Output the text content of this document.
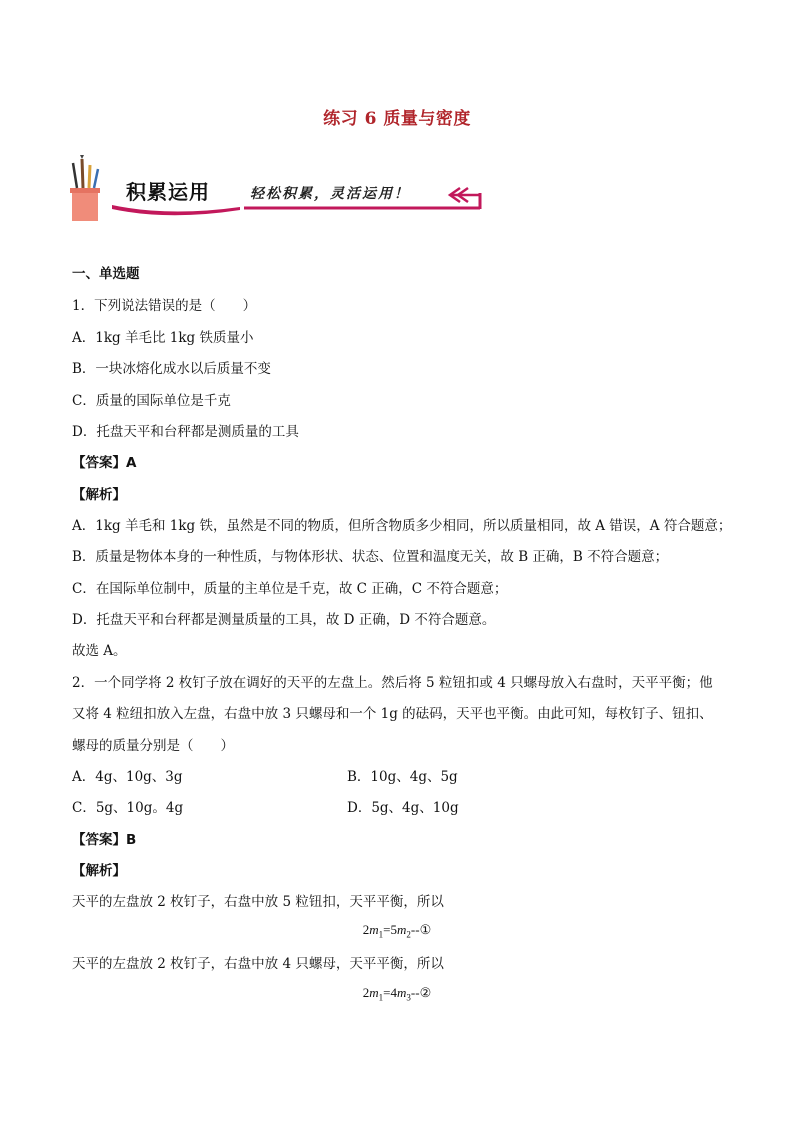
练习 6 质量与密度
积累运用	轻松积累，灵活运用！
一、单选题
1．下列说法错误的是（　　）
A．1kg 羊毛比 1kg 铁质量小
B．一块冰熔化成水以后质量不变
C．质量的国际单位是千克
D．托盘天平和台秤都是测质量的工具
【答案】A
【解析】
A．1kg 羊毛和 1kg 铁，虽然是不同的物质，但所含物质多少相同，所以质量相同，故 A 错误，A 符合题意；
B．质量是物体本身的一种性质，与物体形状、状态、位置和温度无关，故 B 正确，B 不符合题意；
C．在国际单位制中，质量的主单位是千克，故 C 正确，C 不符合题意；
D．托盘天平和台秤都是测量质量的工具，故 D 正确，D 不符合题意。
故选 A。
2．一个同学将 2 枚钉子放在调好的天平的左盘上。然后将 5 粒钮扣或 4 只螺母放入右盘时，天平平衡；他
又将 4 粒纽扣放入左盘，右盘中放 3 只螺母和一个 1g 的砝码，天平也平衡。由此可知，每枚钉子、钮扣、
螺母的质量分别是（　　）
A．4g、10g、3g	B．10g、4g、5g
C．5g、10g。4g	D．5g、4g、10g
【答案】B
【解析】
天平的左盘放 2 枚钉子，右盘中放 5 粒钮扣，天平平衡，所以
$2m_1=5m_2--①$
天平的左盘放 2 枚钉子，右盘中放 4 只螺母，天平平衡，所以
$2m_1=4m_3--②$
